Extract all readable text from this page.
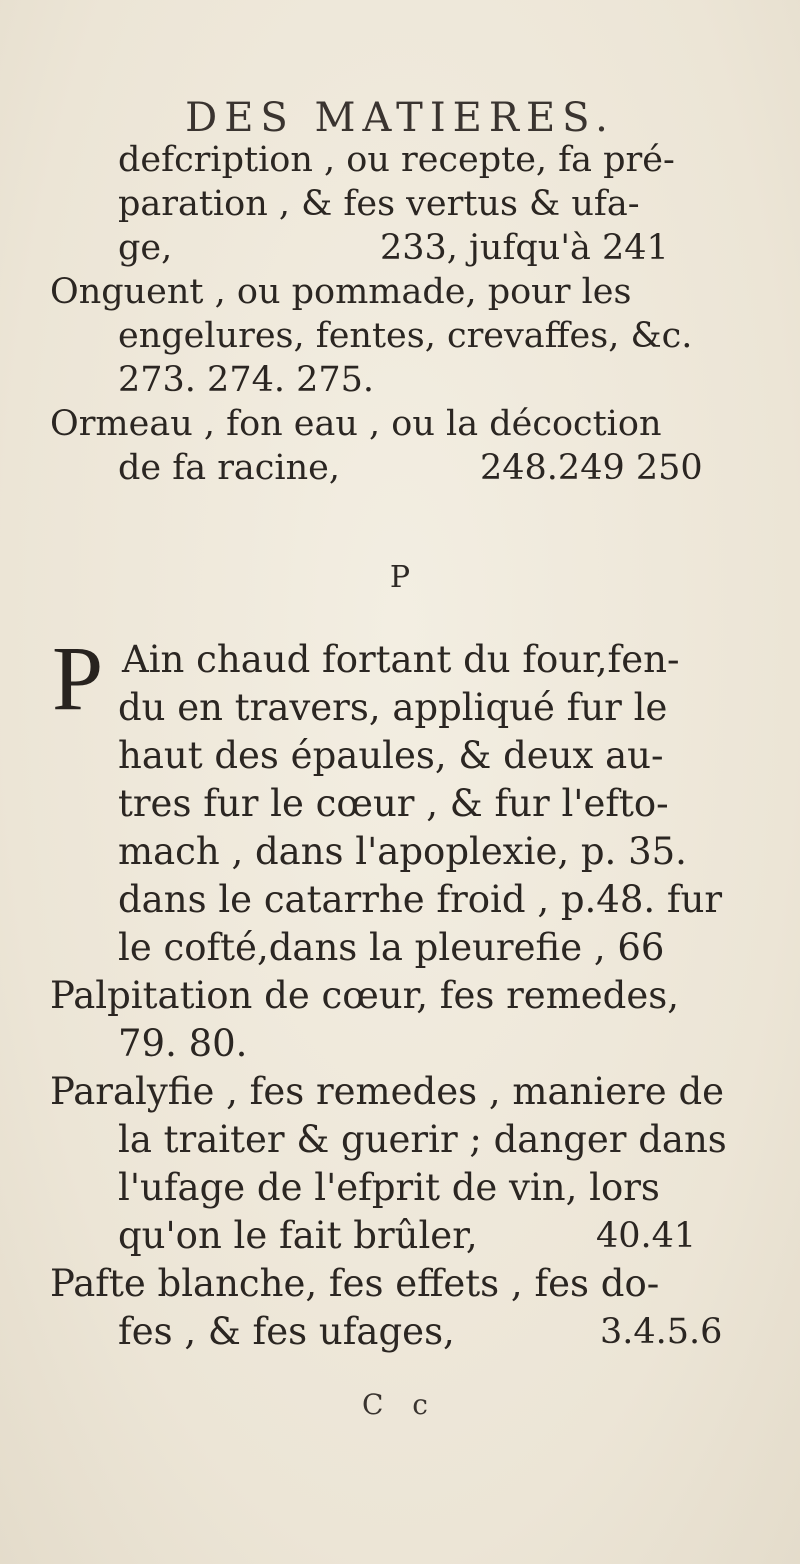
DES MATIERES.
defcription , ou recepte, fa pré-
paration , & fes vertus & ufa-
ge,	233, jufqu'à 241
Onguent , ou pommade, pour les
engelures, fentes, crevaffes, &c.
273. 274. 275.
Ormeau , fon eau , ou la décoction
de fa racine,	248.249 250
P
P Ain chaud fortant du four,fen-
du en travers, appliqué fur le
haut des épaules, & deux au-
tres fur le cœur , & fur l'efto-
mach , dans l'apoplexie, p. 35.
dans le catarrhe froid , p.48. fur
le cofté,dans la pleurefie , 66
Palpitation de cœur, fes remedes,
79. 80.
Paralyfie , fes remedes , maniere de
la traiter & guerir ; danger dans
l'ufage de l'efprit de vin, lors
qu'on le fait brûler,	40.41
Pafte blanche, fes effets , fes do-
fes , & fes ufages,	3.4.5.6
C c
